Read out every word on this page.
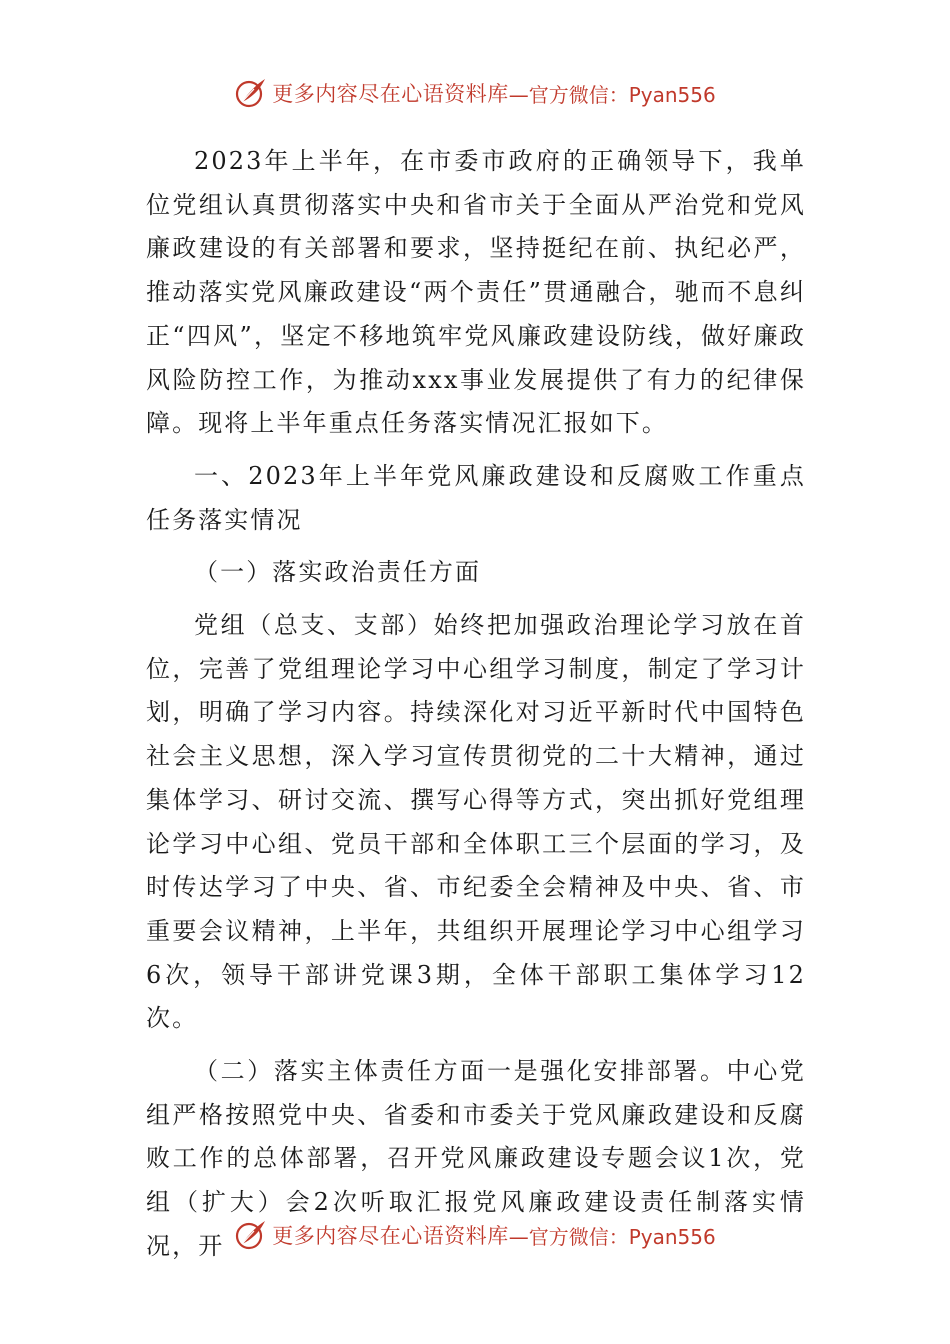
更多内容尽在心语资料库 —官方微信：Pyan556

2023年上半年，在市委市政府的正确领导下，我单位党组认真贯彻落实中央和省市关于全面从严治党和党风廉政建设的有关部署和要求，坚持挺纪在前、执纪必严，推动落实党风廉政建设“两个责任”贯通融合，驰而不息纠正“四风”，坚定不移地筑牢党风廉政建设防线，做好廉政风险防控工作，为推动xxx事业发展提供了有力的纪律保障。现将上半年重点任务落实情况汇报如下。

一、2023年上半年党风廉政建设和反腐败工作重点任务落实情况

（一）落实政治责任方面

党组（总支、支部）始终把加强政治理论学习放在首位，完善了党组理论学习中心组学习制度，制定了学习计划，明确了学习内容。持续深化对习近平新时代中国特色社会主义思想，深入学习宣传贯彻党的二十大精神，通过集体学习、研讨交流、撰写心得等方式，突出抓好党组理论学习中心组、党员干部和全体职工三个层面的学习，及时传达学习了中央、省、市纪委全会精神及中央、省、市重要会议精神，上半年，共组织开展理论学习中心组学习6次，领导干部讲党课3期，全体干部职工集体学习12次。

（二）落实主体责任方面一是强化安排部署。中心党组严格按照党中央、省委和市委关于党风廉政建设和反腐败工作的总体部署，召开党风廉政建设专题会议1次，党组（扩大）会2次听取汇报党风廉政建设责任制落实情况，开	更多内容尽在心语资料库 —官方微信：Pyan556
